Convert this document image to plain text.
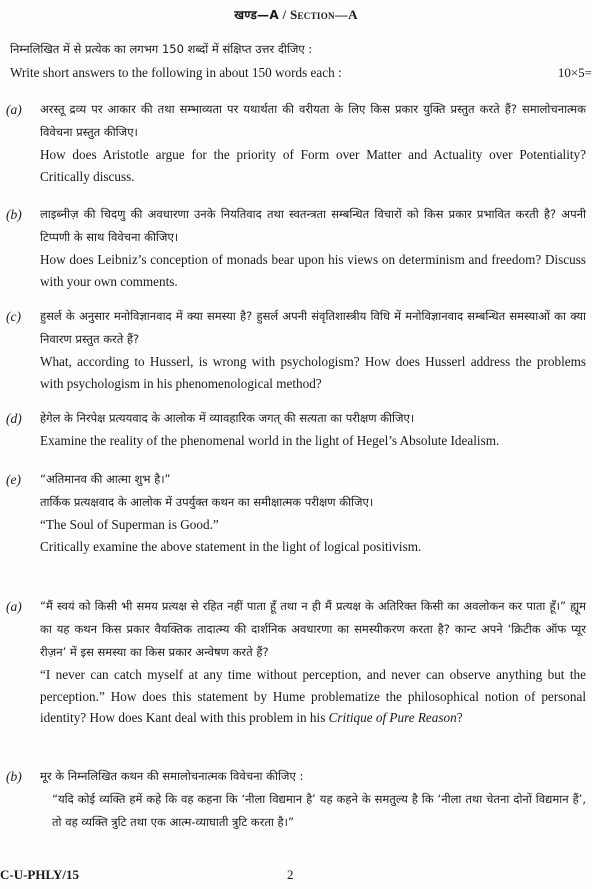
खण्ड—A / Section—A
निम्नलिखित में से प्रत्येक का लगभग 150 शब्दों में संक्षिप्त उत्तर दीजिए :
Write short answers to the following in about 150 words each :	10×5=
(a)	अरस्तू द्रव्य पर आकार की तथा सम्भाव्यता पर यथार्थता की वरीयता के लिए किस प्रकार युक्ति प्रस्तुत करते हैं? समालोचनात्मक विवेचना प्रस्तुत कीजिए।
How does Aristotle argue for the priority of Form over Matter and Actuality over Potentiality? Critically discuss.
(b)	लाइब्नीज़ की चिदणु की अवधारणा उनके नियतिवाद तथा स्वतन्त्रता सम्बन्धित विचारों को किस प्रकार प्रभावित करती है? अपनी टिप्पणी के साथ विवेचना कीजिए।
How does Leibniz’s conception of monads bear upon his views on determinism and freedom? Discuss with your own comments.
(c)	हुसर्ल के अनुसार मनोविज्ञानवाद में क्या समस्या है? हुसर्ल अपनी संवृतिशास्त्रीय विधि में मनोविज्ञानवाद सम्बन्धित समस्याओं का क्या निवारण प्रस्तुत करते हैं?
What, according to Husserl, is wrong with psychologism? How does Husserl address the problems with psychologism in his phenomenological method?
(d)	हेगेल के निरपेक्ष प्रत्ययवाद के आलोक में व्यावहारिक जगत् की सत्यता का परीक्षण कीजिए।
Examine the reality of the phenomenal world in the light of Hegel’s Absolute Idealism.
(e)	“अतिमानव की आत्मा शुभ है।”
तार्किक प्रत्यक्षवाद के आलोक में उपर्युक्त कथन का समीक्षात्मक परीक्षण कीजिए।
“The Soul of Superman is Good.”
Critically examine the above statement in the light of logical positivism.
(a)	“मैं स्वयं को किसी भी समय प्रत्यक्ष से रहित नहीं पाता हूँ तथा न ही मैं प्रत्यक्ष के अतिरिक्त किसी का अवलोकन कर पाता हूँ।” ह्यूम का यह कथन किस प्रकार वैयक्तिक तादात्म्य की दार्शनिक अवधारणा का समस्यीकरण करता है? कान्ट अपने ‘क्रिटीक ऑफ प्यूर रीज़न’ में इस समस्या का किस प्रकार अन्वेषण करते हैं?
“I never can catch myself at any time without perception, and never can observe anything but the perception.” How does this statement by Hume problematize the philosophical notion of personal identity? How does Kant deal with this problem in his Critique of Pure Reason?
(b)	मूर के निम्नलिखित कथन की समालोचनात्मक विवेचना कीजिए :
“यदि कोई व्यक्ति हमें कहे कि वह कहना कि ‘नीला विद्यमान है’ यह कहने के समतुल्य है कि ‘नीला तथा चेतना दोनों विद्यमान हैं’, तो वह व्यक्ति त्रुटि तथा एक आत्म-व्याघाती त्रुटि करता है।”
C-U-PHLY/15	2
